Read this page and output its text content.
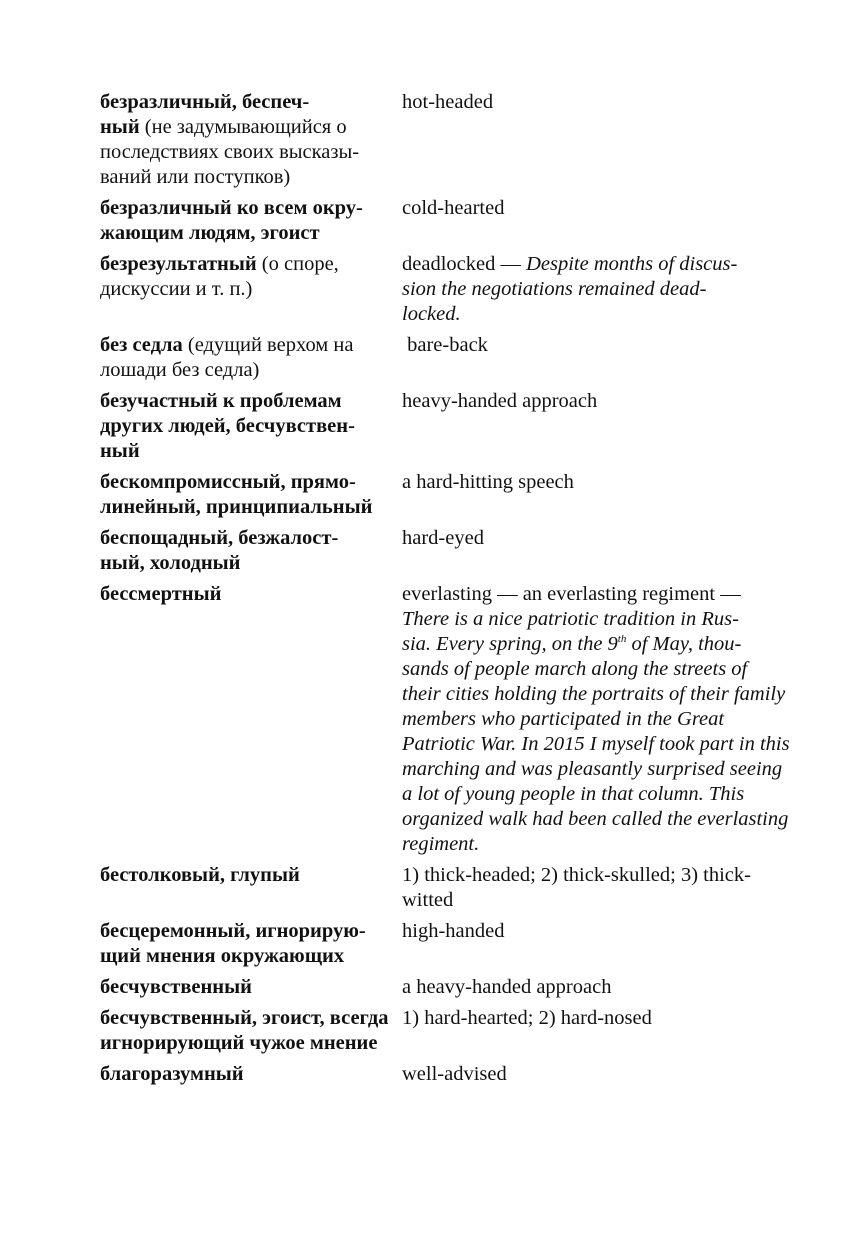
безразличный, беспеч-
ный (не задумывающийся о последствиях своих высказы-
ваний или поступков)	hot-headed
безразличный ко всем окру-
жающим людям, эгоист	cold-hearted
безрезультатный (о споре, дискуссии и т. п.)	deadlocked — Despite months of discus-
sion the negotiations remained dead-
locked.
без седла (едущий верхом на лошади без седла)	bare-back
безучастный к проблемам других людей, бесчувствен-
ный	heavy-handed approach
бескомпромиссный, прямо-
линейный, принципиальный	a hard-hitting speech
беспощадный, безжалост-
ный, холодный	hard-eyed
бессмертный	everlasting — an everlasting regiment — There is a nice patriotic tradition in Rus-
sia. Every spring, on the 9th of May, thou-
sands of people march along the streets of their cities holding the portraits of their family members who participated in the Great Patriotic War. In 2015 I myself took part in this marching and was pleasantly surprised seeing a lot of young people in that column. This organized walk had been called the everlasting regiment.
бестолковый, глупый	1) thick-headed; 2) thick-skulled; 3) thick-
witted
бесцеремонный, игнорирую-
щий мнения окружающих	high-handed
бесчувственный	a heavy-handed approach
бесчувственный, эгоист, всегда игнорирующий чужое мнение	1) hard-hearted; 2) hard-nosed
благоразумный	well-advised
